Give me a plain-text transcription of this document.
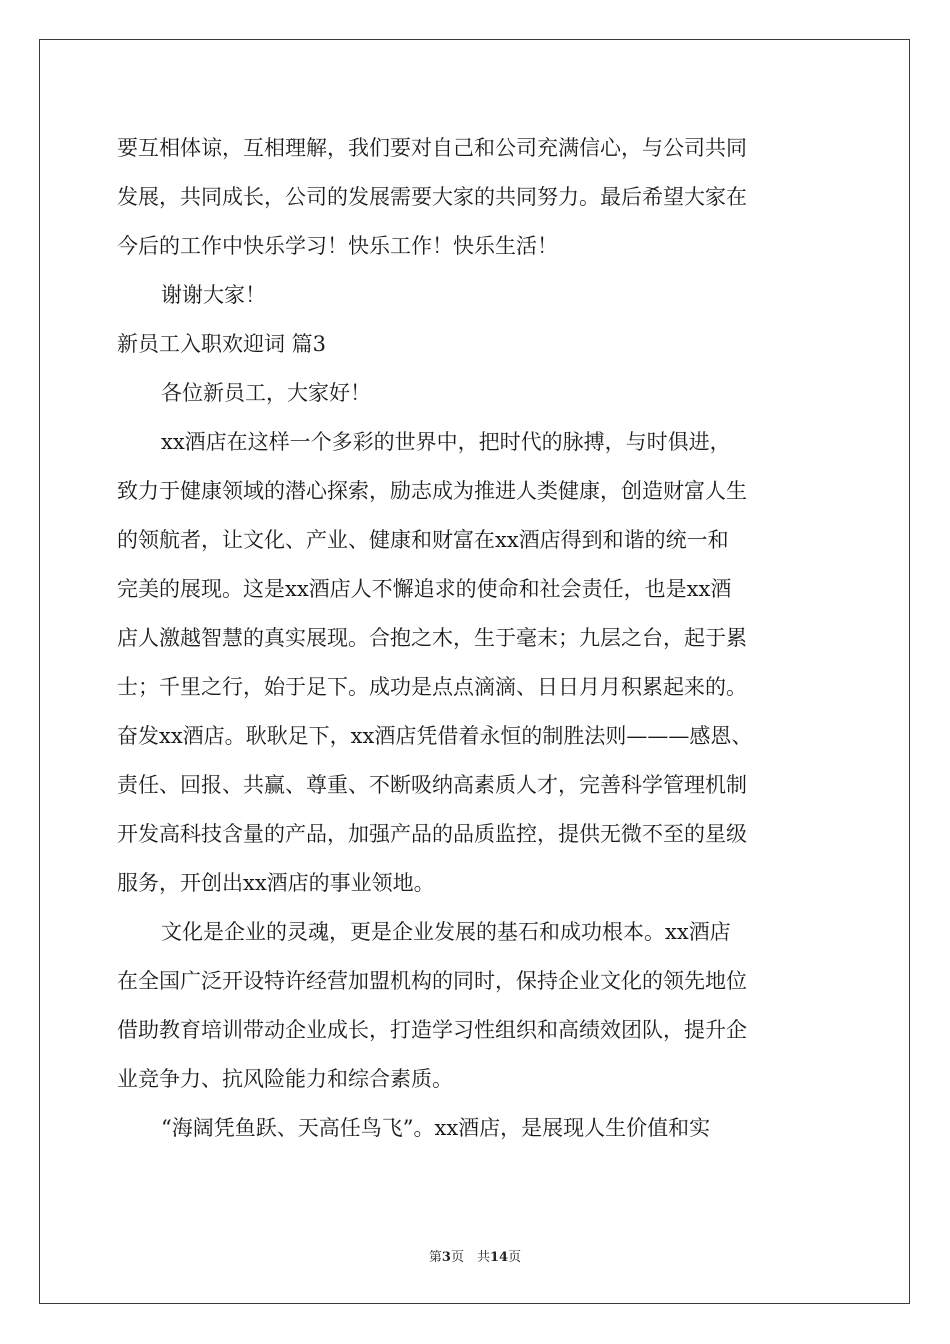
要互相体谅，互相理解，我们要对自己和公司充满信心，与公司共同
发展，共同成长，公司的发展需要大家的共同努力。最后希望大家在
今后的工作中快乐学习！快乐工作！快乐生活！
谢谢大家！
新员工入职欢迎词 篇3
各位新员工，大家好！
xx酒店在这样一个多彩的世界中，把时代的脉搏，与时俱进，
致力于健康领域的潜心探索，励志成为推进人类健康，创造财富人生
的领航者，让文化、产业、健康和财富在xx酒店得到和谐的统一和
完美的展现。这是xx酒店人不懈追求的使命和社会责任，也是xx酒
店人激越智慧的真实展现。合抱之木，生于毫末；九层之台，起于累
士；千里之行，始于足下。成功是点点滴滴、日日月月积累起来的。
奋发xx酒店。耿耿足下，xx酒店凭借着永恒的制胜法则———感恩、
责任、回报、共赢、尊重、不断吸纳高素质人才，完善科学管理机制
开发高科技含量的产品，加强产品的品质监控，提供无微不至的星级
服务，开创出xx酒店的事业领地。
文化是企业的灵魂，更是企业发展的基石和成功根本。xx酒店
在全国广泛开设特许经营加盟机构的同时，保持企业文化的领先地位
借助教育培训带动企业成长，打造学习性组织和高绩效团队，提升企
业竞争力、抗风险能力和综合素质。
“海阔凭鱼跃、天高任鸟飞”。xx酒店，是展现人生价值和实
第3页　共14页
